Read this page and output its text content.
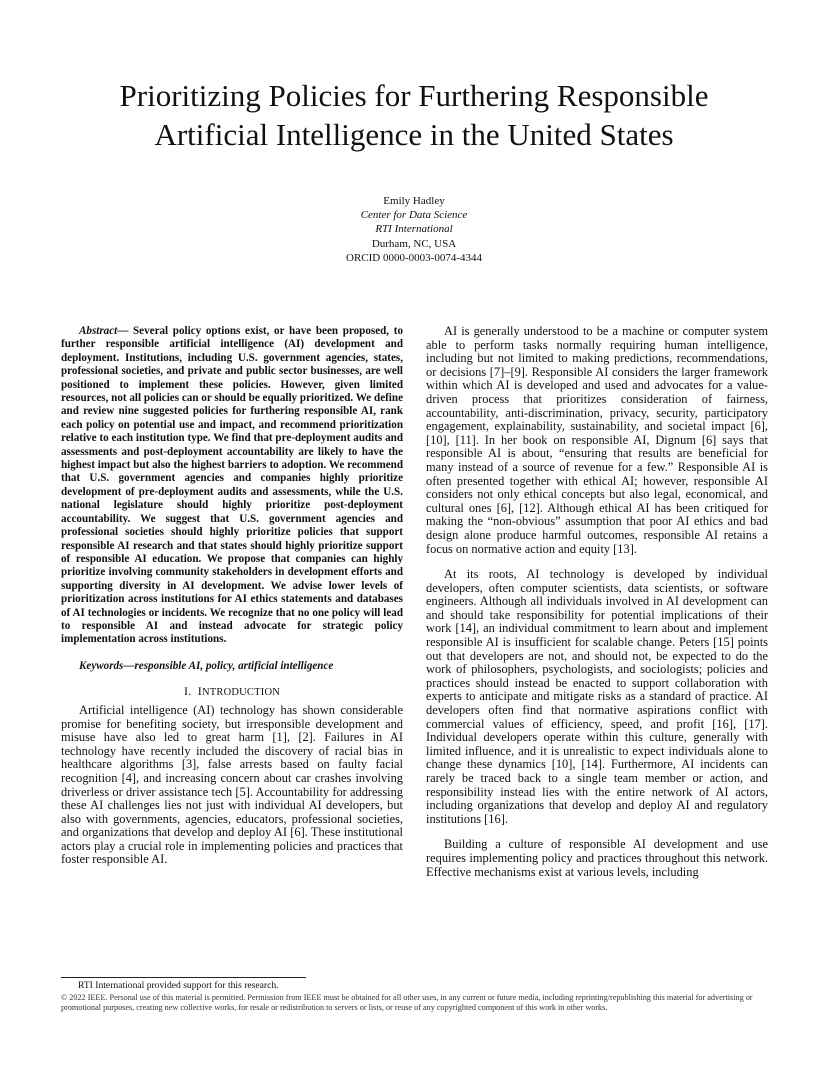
Prioritizing Policies for Furthering Responsible
Artificial Intelligence in the United States
Emily Hadley
Center for Data Science
RTI International
Durham, NC, USA
ORCID 0000-0003-0074-4344

Abstract— Several policy options exist, or have been proposed, to further responsible artificial intelligence (AI) development and deployment. Institutions, including U.S. government agencies, states, professional societies, and private and public sector businesses, are well positioned to implement these policies. However, given limited resources, not all policies can or should be equally prioritized. We define and review nine suggested policies for furthering responsible AI, rank each policy on potential use and impact, and recommend prioritization relative to each institution type. We find that pre-deployment audits and assessments and post-deployment accountability are likely to have the highest impact but also the highest barriers to adoption. We recommend that U.S. government agencies and companies highly prioritize development of pre-deployment audits and assessments, while the U.S. national legislature should highly prioritize post-deployment accountability. We suggest that U.S. government agencies and professional societies should highly prioritize policies that support responsible AI research and that states should highly prioritize support of responsible AI education. We propose that companies can highly prioritize involving community stakeholders in development efforts and supporting diversity in AI development. We advise lower levels of prioritization across institutions for AI ethics statements and databases of AI technologies or incidents. We recognize that no one policy will lead to responsible AI and instead advocate for strategic policy implementation across institutions.

Keywords—responsible AI, policy, artificial intelligence

I. INTRODUCTION

Artificial intelligence (AI) technology has shown considerable promise for benefiting society, but irresponsible development and misuse have also led to great harm [1], [2]. Failures in AI technology have recently included the discovery of racial bias in healthcare algorithms [3], false arrests based on faulty facial recognition [4], and increasing concern about car crashes involving driverless or driver assistance tech [5]. Accountability for addressing these AI challenges lies not just with individual AI developers, but also with governments, agencies, educators, professional societies, and organizations that develop and deploy AI [6]. These institutional actors play a crucial role in implementing policies and practices that foster responsible AI.

AI is generally understood to be a machine or computer system able to perform tasks normally requiring human intelligence, including but not limited to making predictions, recommendations, or decisions [7]–[9]. Responsible AI considers the larger framework within which AI is developed and used and advocates for a value-driven process that prioritizes consideration of fairness, accountability, anti-discrimination, privacy, security, participatory engagement, explainability, sustainability, and societal impact [6], [10], [11]. In her book on responsible AI, Dignum [6] says that responsible AI is about, “ensuring that results are beneficial for many instead of a source of revenue for a few.” Responsible AI is often presented together with ethical AI; however, responsible AI considers not only ethical concepts but also legal, economical, and cultural ones [6], [12]. Although ethical AI has been critiqued for making the “non-obvious” assumption that poor AI ethics and bad design alone produce harmful outcomes, responsible AI retains a focus on normative action and equity [13].

At its roots, AI technology is developed by individual developers, often computer scientists, data scientists, or software engineers. Although all individuals involved in AI development can and should take responsibility for potential implications of their work [14], an individual commitment to learn about and implement responsible AI is insufficient for scalable change. Peters [15] points out that developers are not, and should not, be expected to do the work of philosophers, psychologists, and sociologists; policies and practices should instead be enacted to support collaboration with experts to anticipate and mitigate risks as a standard of practice. AI developers often find that normative aspirations conflict with commercial values of efficiency, speed, and profit [16], [17]. Individual developers operate within this culture, generally with limited influence, and it is unrealistic to expect individuals alone to change these dynamics [10], [14]. Furthermore, AI incidents can rarely be traced back to a single team member or action, and responsibility instead lies with the entire network of AI actors, including organizations that develop and deploy AI and regulatory institutions [16].

Building a culture of responsible AI development and use requires implementing policy and practices throughout this network. Effective mechanisms exist at various levels, including

RTI International provided support for this research.
© 2022 IEEE. Personal use of this material is permitted. Permission from IEEE must be obtained for all other uses, in any current or future media, including reprinting/republishing this material for advertising or promotional purposes, creating new collective works, for resale or redistribution to servers or lists, or reuse of any copyrighted component of this work in other works.
